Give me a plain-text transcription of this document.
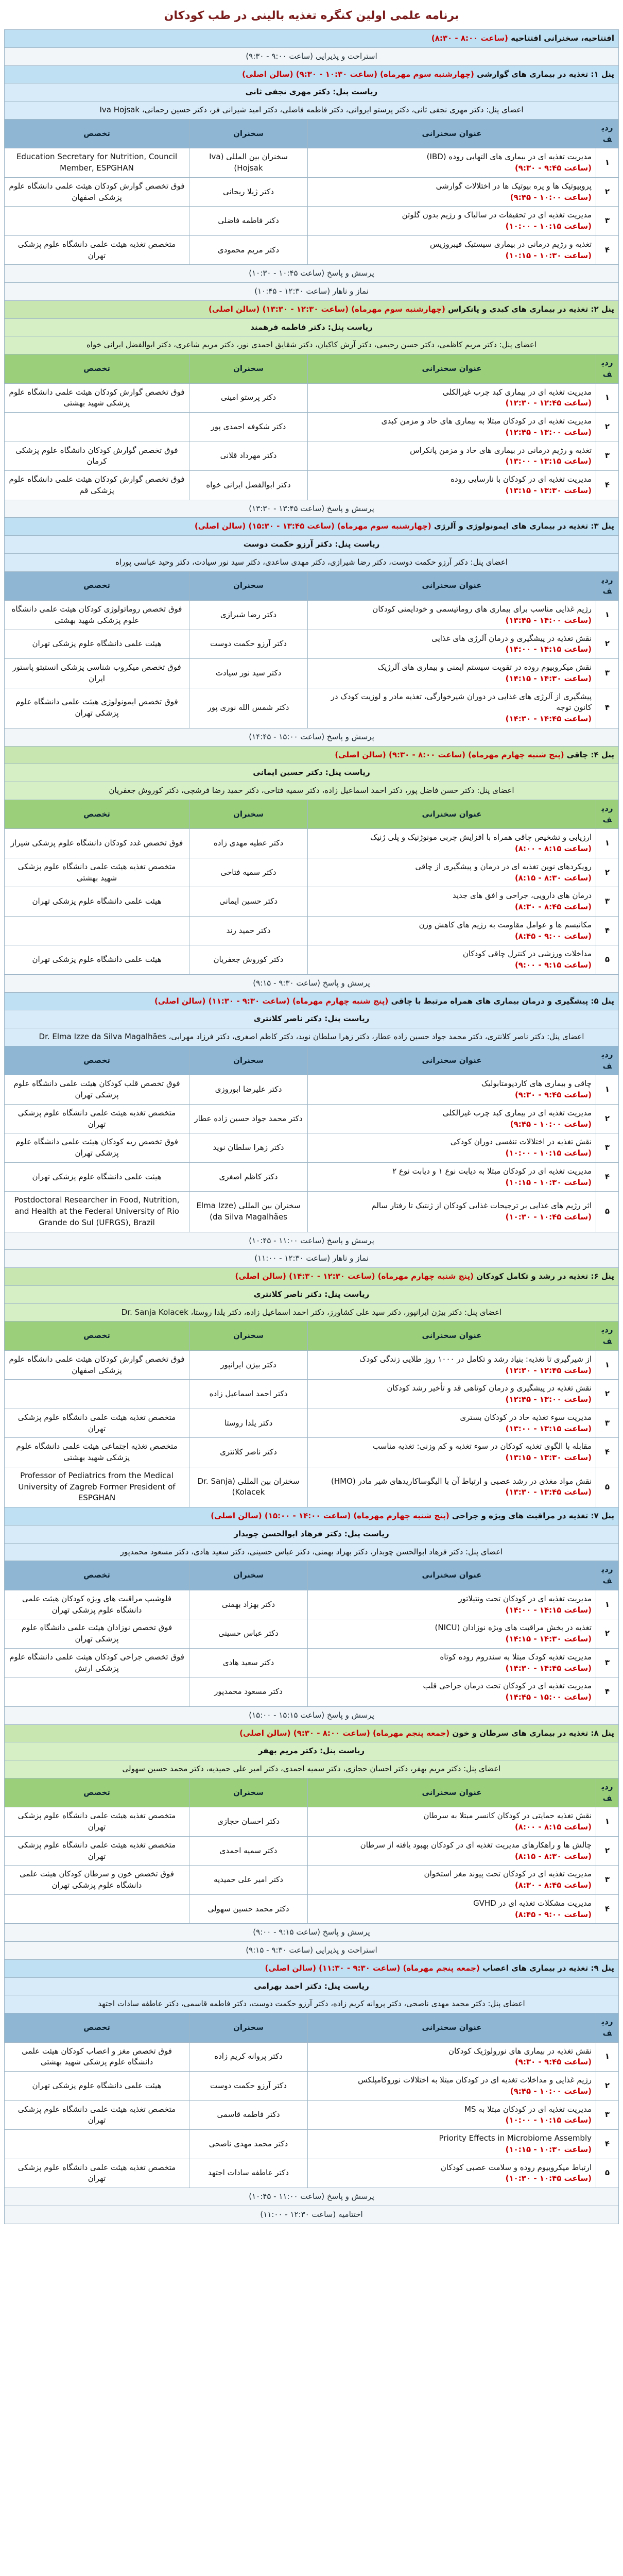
برنامه علمی اولین کنگره تغذیه بالینی در طب کودکان
افتتاحیه، سخنرانی افتتاحیه (ساعت ۸:۰۰ - ۸:۳۰)			
استراحت و پذیرایی (ساعت ۹:۰۰ - ۹:۳۰)			
پنل ۱: تغذیه در بیماری های گوارشی (چهارشنبه سوم مهرماه) (ساعت ۱۰:۳۰ - ۹:۳۰) (سالن اصلی)			
ریاست پنل: دکتر مهری نجفی ثانی			
اعضای پنل: دکتر مهری نجفی ثانی، دکتر پرستو ایروانی، دکتر فاطمه فاضلی، دکتر امید شیرانی فر، دکتر حسین رحمانی، Iva Hojsak			
ردیف	عنوان سخنرانی	سخنران	تخصص
۱	مدیریت تغذیه ای در بیماری های التهابی روده (IBD)
(ساعت ۹:۴۵ - ۹:۳۰)	سخنران بین المللی (Iva Hojsak)	Education Secretary for Nutrition, Council Member, ESPGHAN
۲	پروبیوتیک ها و پره بیوتیک ها در اختلالات گوارشی
(ساعت ۱۰:۰۰ - ۹:۴۵)	دکتر ژیلا ریحانی	فوق تخصص گوارش کودکان هیئت علمی دانشگاه علوم پزشکی اصفهان
۳	مدیریت تغذیه ای در تحقیقات در سالیاک و رژیم بدون گلوتن
(ساعت ۱۰:۱۵ - ۱۰:۰۰)	دکتر فاطمه فاضلی	
۴	تغذیه و رژیم درمانی در بیماری سیستیک فیبروزیس
(ساعت ۱۰:۳۰ - ۱۰:۱۵)	دکتر مریم محمودی	متخصص تغذیه هیئت علمی دانشگاه علوم پزشکی تهران
پرسش و پاسخ (ساعت ۱۰:۴۵ - ۱۰:۳۰)			
نماز و ناهار (ساعت ۱۲:۳۰ - ۱۰:۴۵)			
پنل ۲: تغذیه در بیماری های کبدی و پانکراس (چهارشنبه سوم مهرماه) (ساعت ۱۲:۳۰ - ۱۳:۳۰) (سالن اصلی)			
ریاست پنل: دکتر فاطمه فرهمند			
اعضای پنل: دکتر مریم کاظمی، دکتر حسن رحیمی، دکتر آرش کاکیان، دکتر شقایق احمدی نور، دکتر مریم شاعری، دکتر ابوالفضل ایرانی خواه			
ردیف	عنوان سخنرانی	سخنران	تخصص
۱	مدیریت تغذیه ای در بیماری کبد چرب غیرالکلی
(ساعت ۱۲:۴۵ - ۱۲:۳۰)	دکتر پرستو امینی	فوق تخصص گوارش کودکان هیئت علمی دانشگاه علوم پزشکی شهید بهشتی
۲	مدیریت تغذیه ای در کودکان مبتلا به بیماری های حاد و مزمن کبدی
(ساعت ۱۳:۰۰ - ۱۲:۴۵)	دکتر شکوفه احمدی پور	
۳	تغذیه و رژیم درمانی در بیماری های حاد و مزمن پانکراس
(ساعت ۱۳:۱۵ - ۱۳:۰۰)	دکتر مهرداد قلانی	فوق تخصص گوارش کودکان دانشگاه علوم پزشکی کرمان
۴	مدیریت تغذیه ای در کودکان با نارسایی روده
(ساعت ۱۳:۳۰ - ۱۳:۱۵)	دکتر ابوالفضل ایرانی خواه	فوق تخصص گوارش کودکان هیئت علمی دانشگاه علوم پزشکی قم
پرسش و پاسخ (ساعت ۱۳:۴۵ - ۱۳:۳۰)			
پنل ۳: تغذیه در بیماری های ایمونولوژی و آلرژی (چهارشنبه سوم مهرماه) (ساعت ۱۳:۴۵ - ۱۵:۳۰) (سالن اصلی)			
ریاست پنل: دکتر آرزو حکمت دوست			
اعضای پنل: دکتر آرزو حکمت دوست، دکتر رضا شیرازی، دکتر مهدی ساعدی، دکتر سید نور سیادت، دکتر وحید عباسی پوراه			
ردیف	عنوان سخنرانی	سخنران	تخصص
۱	رژیم غذایی مناسب برای بیماری های روماتیسمی و خودایمنی کودکان
(ساعت ۱۴:۰۰ - ۱۳:۴۵)	دکتر رضا شیرازی	فوق تخصص روماتولوژی کودکان هیئت علمی دانشگاه علوم پزشکی شهید بهشتی
۲	نقش تغذیه در پیشگیری و درمان آلرژی های غذایی
(ساعت ۱۴:۱۵ - ۱۴:۰۰)	دکتر آرزو حکمت دوست	هیئت علمی دانشگاه علوم پزشکی تهران
۳	نقش میکروبیوم روده در تقویت سیستم ایمنی و بیماری های آلرژیک
(ساعت ۱۴:۳۰ - ۱۴:۱۵)	دکتر سید نور سیادت	فوق تخصص میکروب شناسی پزشکی انستیتو پاستور ایران
۴	پیشگیری از آلرژی های غذایی در دوران شیرخوارگی، تغذیه مادر و لوزیت کودک در کانون توجه
(ساعت ۱۴:۴۵ - ۱۴:۳۰)	دکتر شمس الله نوری پور	فوق تخصص ایمونولوژی هیئت علمی دانشگاه علوم پزشکی تهران
پرسش و پاسخ (ساعت ۱۵:۰۰ - ۱۴:۴۵)			
پنل ۴: چاقی (پنج شنبه چهارم مهرماه) (ساعت ۸:۰۰ - ۹:۳۰) (سالن اصلی)			
ریاست پنل: دکتر حسین ایمانی			
اعضای پنل: دکتر حسن فاضل پور، دکتر احمد اسماعیل زاده، دکتر سمیه فتاحی، دکتر حمید رضا فرشچی، دکتر کوروش جعفریان			
ردیف	عنوان سخنرانی	سخنران	تخصص
۱	ارزیابی و تشخیص چاقی همراه با افزایش چربی مونوژنیک و پلی ژنیک
(ساعت ۸:۱۵ - ۸:۰۰)	دکتر عطیه مهدی زاده	فوق تخصص غدد کودکان دانشگاه علوم پزشکی شیراز
۲	رویکردهای نوین تغذیه ای در درمان و پیشگیری از چاقی
(ساعت ۸:۳۰ - ۸:۱۵)	دکتر سمیه فتاحی	متخصص تغذیه هیئت علمی دانشگاه علوم پزشکی شهید بهشتی
۳	درمان های دارویی، جراحی و افق های جدید
(ساعت ۸:۴۵ - ۸:۳۰)	دکتر حسین ایمانی	هیئت علمی دانشگاه علوم پزشکی تهران
۴	مکانیسم ها و عوامل مقاومت به رژیم های کاهش وزن
(ساعت ۹:۰۰ - ۸:۴۵)	دکتر حمید رند	
۵	مداخلات ورزشی در کنترل چاقی کودکان
(ساعت ۹:۱۵ - ۹:۰۰)	دکتر کوروش جعفریان	هیئت علمی دانشگاه علوم پزشکی تهران
پرسش و پاسخ (ساعت ۹:۳۰ - ۹:۱۵)			
پنل ۵: پیشگیری و درمان بیماری های همراه مرتبط با چاقی (پنج شنبه چهارم مهرماه) (ساعت ۹:۳۰ - ۱۱:۳۰) (سالن اصلی)			
ریاست پنل: دکتر ناصر کلانتری			
اعضای پنل: دکتر ناصر کلانتری، دکتر محمد جواد حسین زاده عطار، دکتر زهرا سلطان نوید، دکتر کاظم اصغری، دکتر فرزاد مهرابی، Dr. Elma Izze da Silva Magalhães			
ردیف	عنوان سخنرانی	سخنران	تخصص
۱	چاقی و بیماری های کاردیومتابولیک
(ساعت ۹:۴۵ - ۹:۳۰)	دکتر علیرضا ابوروزی	فوق تخصص قلب کودکان هیئت علمی دانشگاه علوم پزشکی تهران
۲	مدیریت تغذیه ای در بیماری کبد چرب غیرالکلی
(ساعت ۱۰:۰۰ - ۹:۴۵)	دکتر محمد جواد حسین زاده عطار	متخصص تغذیه هیئت علمی دانشگاه علوم پزشکی تهران
۳	نقش تغذیه در اختلالات تنفسی دوران کودکی
(ساعت ۱۰:۱۵ - ۱۰:۰۰)	دکتر زهرا سلطان نوید	فوق تخصص ریه کودکان هیئت علمی دانشگاه علوم پزشکی تهران
۴	مدیریت تغذیه ای در کودکان مبتلا به دیابت نوع ۱ و دیابت نوع ۲
(ساعت ۱۰:۳۰ - ۱۰:۱۵)	دکتر کاظم اصغری	هیئت علمی دانشگاه علوم پزشکی تهران
۵	اثر رژیم های غذایی بر ترجیحات غذایی کودکان از ژنتیک تا رفتار سالم
(ساعت ۱۰:۴۵ - ۱۰:۳۰)	سخنران بین المللی (Elma Izze da Silva Magalhães)	Postdoctoral Researcher in Food, Nutrition, and Health at the Federal University of Rio Grande do Sul (UFRGS), Brazil
پرسش و پاسخ (ساعت ۱۱:۰۰ - ۱۰:۴۵)			
نماز و ناهار (ساعت ۱۲:۳۰ - ۱۱:۰۰)			
پنل ۶: تغذیه در رشد و تکامل کودکان (پنج شنبه چهارم مهرماه) (ساعت ۱۲:۳۰ - ۱۴:۳۰) (سالن اصلی)			
ریاست پنل: دکتر ناصر کلانتری			
اعضای پنل: دکتر بیژن ایرانپور، دکتر سید علی کشاورز، دکتر احمد اسماعیل زاده، دکتر یلدا روستا، Dr. Sanja Kolacek			
ردیف	عنوان سخنرانی	سخنران	تخصص
۱	از شیرگیری تا تغذیه: بنیاد رشد و تکامل در ۱۰۰۰ روز طلایی زندگی کودک
(ساعت ۱۲:۴۵ - ۱۲:۳۰)	دکتر بیژن ایرانپور	فوق تخصص گوارش کودکان هیئت علمی دانشگاه علوم پزشکی اصفهان
۲	نقش تغذیه در پیشگیری و درمان کوتاهی قد و تأخیر رشد کودکان
(ساعت ۱۳:۰۰ - ۱۲:۴۵)	دکتر احمد اسماعیل زاده	
۳	مدیریت سوء تغذیه حاد در کودکان بستری
(ساعت ۱۳:۱۵ - ۱۳:۰۰)	دکتر یلدا روستا	متخصص تغذیه هیئت علمی دانشگاه علوم پزشکی تهران
۴	مقابله با الگوی تغذیه کودکان در سوء تغذیه و کم وزنی: تغذیه مناسب
(ساعت ۱۳:۳۰ - ۱۳:۱۵)	دکتر ناصر کلانتری	متخصص تغذیه اجتماعی هیئت علمی دانشگاه علوم پزشکی شهید بهشتی
۵	نقش مواد مغذی در رشد عصبی و ارتباط آن با الیگوساکاریدهای شیر مادر (HMO)
(ساعت ۱۳:۴۵ - ۱۳:۳۰)	سخنران بین المللی (Dr. Sanja Kolacek)	Professor of Pediatrics from the Medical University of Zagreb Former President of ESPGHAN
پنل ۷: تغذیه در مراقبت های ویژه و جراحی (پنج شنبه چهارم مهرماه) (ساعت ۱۴:۰۰ - ۱۵:۰۰) (سالن اصلی)			
ریاست پنل: دکتر فرهاد ابوالحسن چوبدار			
اعضای پنل: دکتر فرهاد ابوالحسن چوبدار، دکتر بهزاد بهمنی، دکتر عباس حسینی، دکتر سعید هادی، دکتر مسعود محمدپور			
ردیف	عنوان سخنرانی	سخنران	تخصص
۱	مدیریت تغذیه ای در کودکان تحت ونتیلاتور
(ساعت ۱۴:۱۵ - ۱۴:۰۰)	دکتر بهزاد بهمنی	فلوشیپ مراقبت های ویژه کودکان هیئت علمی دانشگاه علوم پزشکی تهران
۲	تغذیه در بخش مراقبت های ویژه نوزادان (NICU)
(ساعت ۱۴:۳۰ - ۱۴:۱۵)	دکتر عباس حسینی	فوق تخصص نوزادان هیئت علمی دانشگاه علوم پزشکی تهران
۳	مدیریت تغذیه کودک مبتلا به سندروم روده کوتاه
(ساعت ۱۴:۴۵ - ۱۴:۳۰)	دکتر سعید هادی	فوق تخصص جراحی کودکان هیئت علمی دانشگاه علوم پزشکی ارتش
۴	مدیریت تغذیه ای در کودکان تحت درمان جراحی قلب
(ساعت ۱۵:۰۰ - ۱۴:۴۵)	دکتر مسعود محمدپور	
پرسش و پاسخ (ساعت ۱۵:۱۵ - ۱۵:۰۰)			
پنل ۸: تغذیه در بیماری های سرطان و خون (جمعه پنجم مهرماه) (ساعت ۸:۰۰ - ۹:۳۰) (سالن اصلی)			
ریاست پنل: دکتر مریم بهفر			
اعضای پنل: دکتر مریم بهفر، دکتر احسان حجازی، دکتر سمیه احمدی، دکتر امیر علی حمیدیه، دکتر محمد حسین سهولی			
ردیف	عنوان سخنرانی	سخنران	تخصص
۱	نقش تغذیه حمایتی در کودکان کانسر مبتلا به سرطان
(ساعت ۸:۱۵ - ۸:۰۰)	دکتر احسان حجازی	متخصص تغذیه هیئت علمی دانشگاه علوم پزشکی تهران
۲	چالش ها و راهکارهای مدیریت تغذیه ای در کودکان بهبود یافته از سرطان
(ساعت ۸:۳۰ - ۸:۱۵)	دکتر سمیه احمدی	متخصص تغذیه هیئت علمی دانشگاه علوم پزشکی تهران
۳	مدیریت تغذیه ای در کودکان تحت پیوند مغز استخوان
(ساعت ۸:۴۵ - ۸:۳۰)	دکتر امیر علی حمیدیه	فوق تخصص خون و سرطان کودکان هیئت علمی دانشگاه علوم پزشکی تهران
۴	مدیریت مشکلات تغذیه ای در GVHD
(ساعت ۹:۰۰ - ۸:۴۵)	دکتر محمد حسین سهولی	
پرسش و پاسخ (ساعت ۹:۱۵ - ۹:۰۰)			
استراحت و پذیرایی (ساعت ۹:۳۰ - ۹:۱۵)			
پنل ۹: تغذیه در بیماری های اعصاب (جمعه پنجم مهرماه) (ساعت ۹:۳۰ - ۱۱:۳۰) (سالن اصلی)			
ریاست پنل: دکتر احمد بهرامی			
اعضای پنل: دکتر محمد مهدی ناصحی، دکتر پروانه کریم زاده، دکتر آرزو حکمت دوست، دکتر فاطمه قاسمی، دکتر عاطفه سادات اجتهد			
ردیف	عنوان سخنرانی	سخنران	تخصص
۱	نقش تغذیه در بیماری های نورولوژیک کودکان
(ساعت ۹:۴۵ - ۹:۳۰)	دکتر پروانه کریم زاده	فوق تخصص مغز و اعصاب کودکان هیئت علمی دانشگاه علوم پزشکی شهید بهشتی
۲	رژیم غذایی و مداخلات تغذیه ای در کودکان مبتلا به اختلالات نوروکامپلکس
(ساعت ۱۰:۰۰ - ۹:۴۵)	دکتر آرزو حکمت دوست	هیئت علمی دانشگاه علوم پزشکی تهران
۳	مدیریت تغذیه ای در کودکان مبتلا به MS
(ساعت ۱۰:۱۵ - ۱۰:۰۰)	دکتر فاطمه قاسمی	متخصص تغذیه هیئت علمی دانشگاه علوم پزشکی تهران
۴	Priority Effects in Microbiome Assembly
(ساعت ۱۰:۳۰ - ۱۰:۱۵)	دکتر محمد مهدی ناصحی	
۵	ارتباط میکروبیوم روده و سلامت عصبی کودکان
(ساعت ۱۰:۴۵ - ۱۰:۳۰)	دکتر عاطفه سادات اجتهد	متخصص تغذیه هیئت علمی دانشگاه علوم پزشکی تهران
پرسش و پاسخ (ساعت ۱۱:۰۰ - ۱۰:۴۵)			
اختتامیه (ساعت ۱۲:۳۰ - ۱۱:۰۰)			
